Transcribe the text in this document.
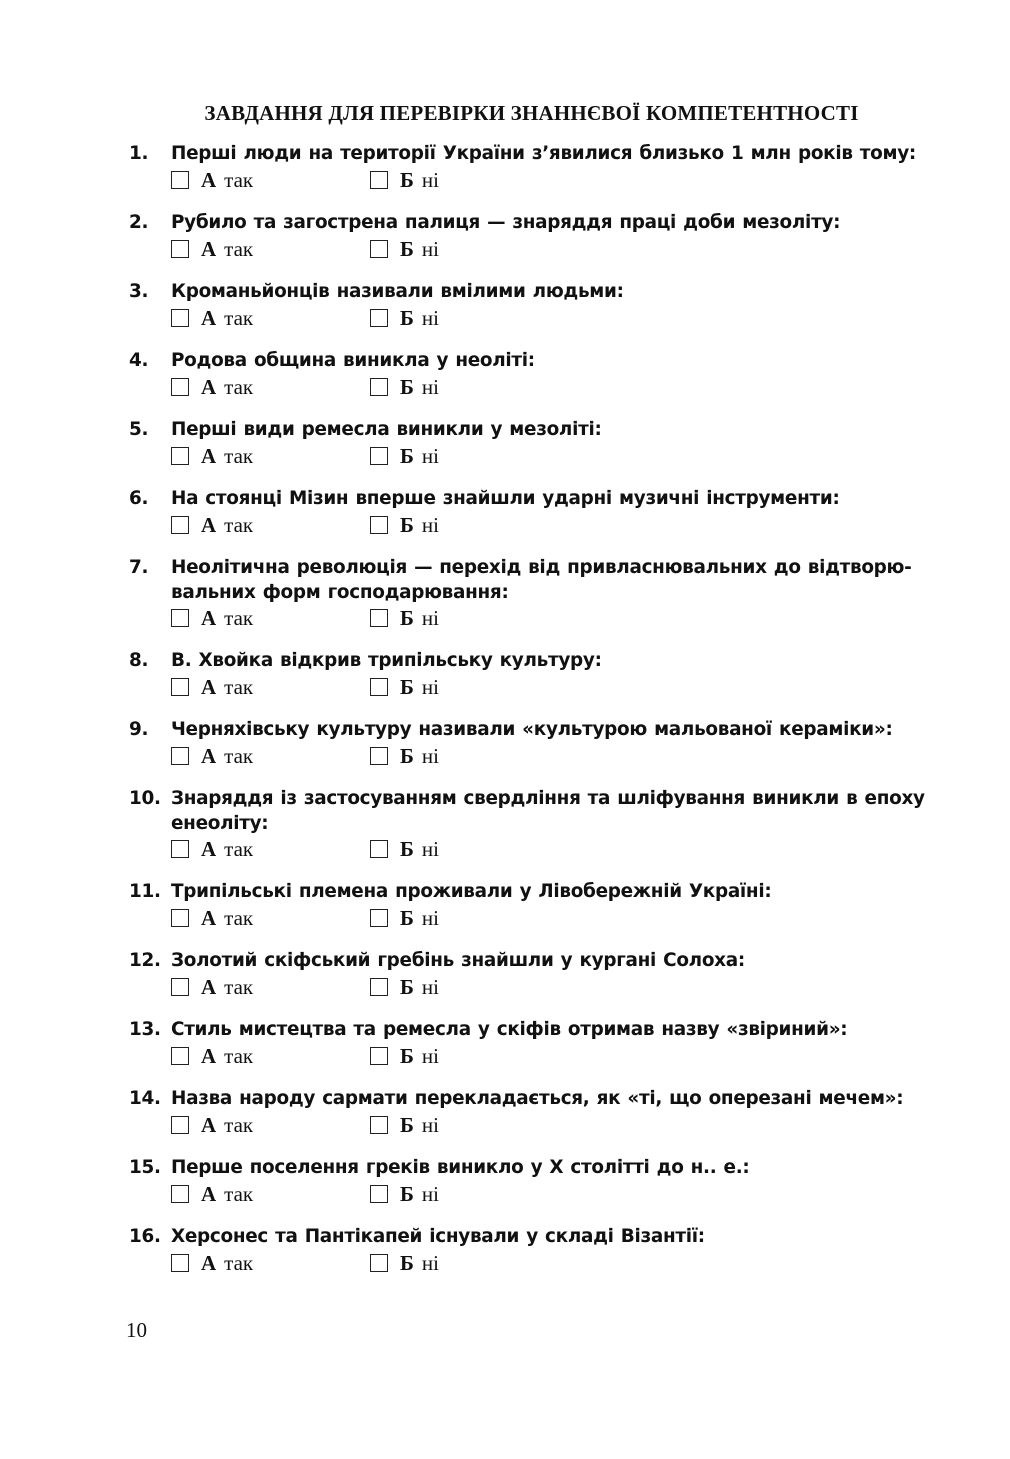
ЗАВДАННЯ ДЛЯ ПЕРЕВІРКИ ЗНАННЄВОЇ КОМПЕТЕНТНОСТІ
1.	Перші люди на території України з’явилися близько 1 млн років тому:
А так	Б ні
2.	Рубило та загострена палиця — знаряддя праці доби мезоліту:
А так	Б ні
3.	Кроманьйонців називали вмілими людьми:
А так	Б ні
4.	Родова община виникла у неоліті:
А так	Б ні
5.	Перші види ремесла виникли у мезоліті:
А так	Б ні
6.	На стоянці Мізин вперше знайшли ударні музичні інструменти:
А так	Б ні
7.	Неолітична революція — перехід від привласнювальних до відтворю-вальних форм господарювання:
А так	Б ні
8.	В. Хвойка відкрив трипільську культуру:
А так	Б ні
9.	Черняхівську культуру називали «культурою мальованої кераміки»:
А так	Б ні
10. Знаряддя із застосуванням свердління та шліфування виникли в епоху енеоліту:
А так	Б ні
11. Трипільські племена проживали у Лівобережній Україні:
А так	Б ні
12. Золотий скіфський гребінь знайшли у кургані Солоха:
А так	Б ні
13. Стиль мистецтва та ремесла у скіфів отримав назву «звіриний»:
А так	Б ні
14. Назва народу сармати перекладається, як «ті, що оперезані мечем»:
А так	Б ні
15. Перше поселення греків виникло у Х столітті до н.. е.:
А так	Б ні
16. Херсонес та Пантікапей існували у складі Візантії:
А так	Б ні
10
